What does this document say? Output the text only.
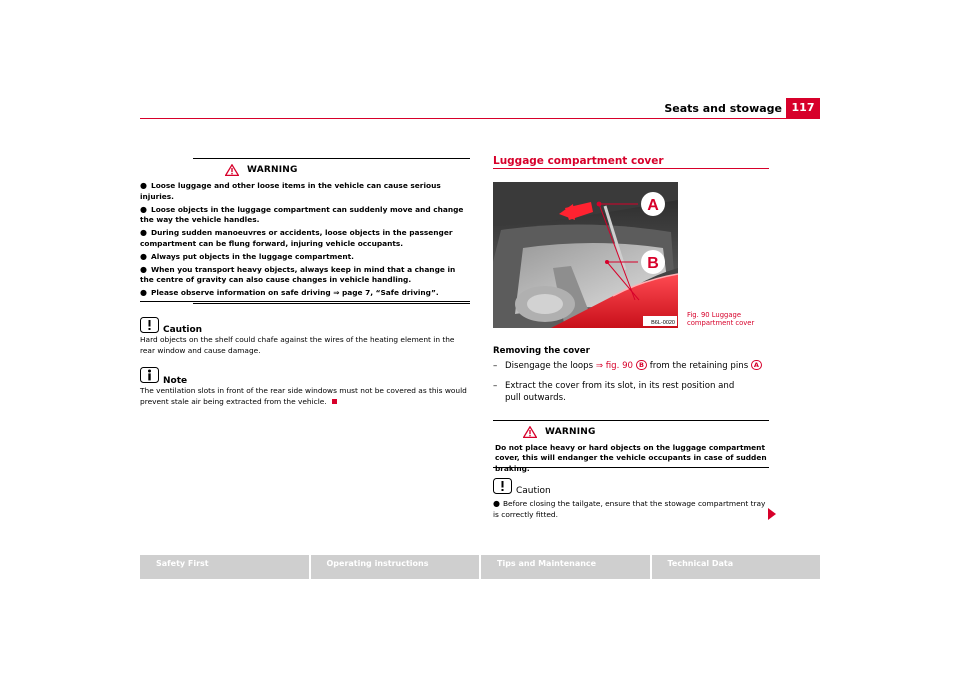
Seats and stowage 117
WARNING
● Loose luggage and other loose items in the vehicle can cause serious injuries.
● Loose objects in the luggage compartment can suddenly move and change the way the vehicle handles.
● During sudden manoeuvres or accidents, loose objects in the passenger compartment can be flung forward, injuring vehicle occupants.
● Always put objects in the luggage compartment.
● When you transport heavy objects, always keep in mind that a change in the centre of gravity can also cause changes in vehicle handling.
● Please observe information on safe driving ⇒ page 7, “Safe driving”.
Caution
Hard objects on the shelf could chafe against the wires of the heating element in the rear window and cause damage.
Note
The ventilation slots in front of the rear side windows must not be covered as this would prevent stale air being extracted from the vehicle.
Luggage compartment cover
A
B
B6L-0020
Fig. 90 Luggage compartment cover
Removing the cover
– Disengage the loops ⇒ fig. 90 B from the retaining pins A
– Extract the cover from its slot, in its rest position and pull outwards.
WARNING
Do not place heavy or hard objects on the luggage compartment cover, this will endanger the vehicle occupants in case of sudden braking.
Caution
● Before closing the tailgate, ensure that the stowage compartment tray is correctly fitted.
Safety First	Operating instructions	Tips and Maintenance	Technical Data
